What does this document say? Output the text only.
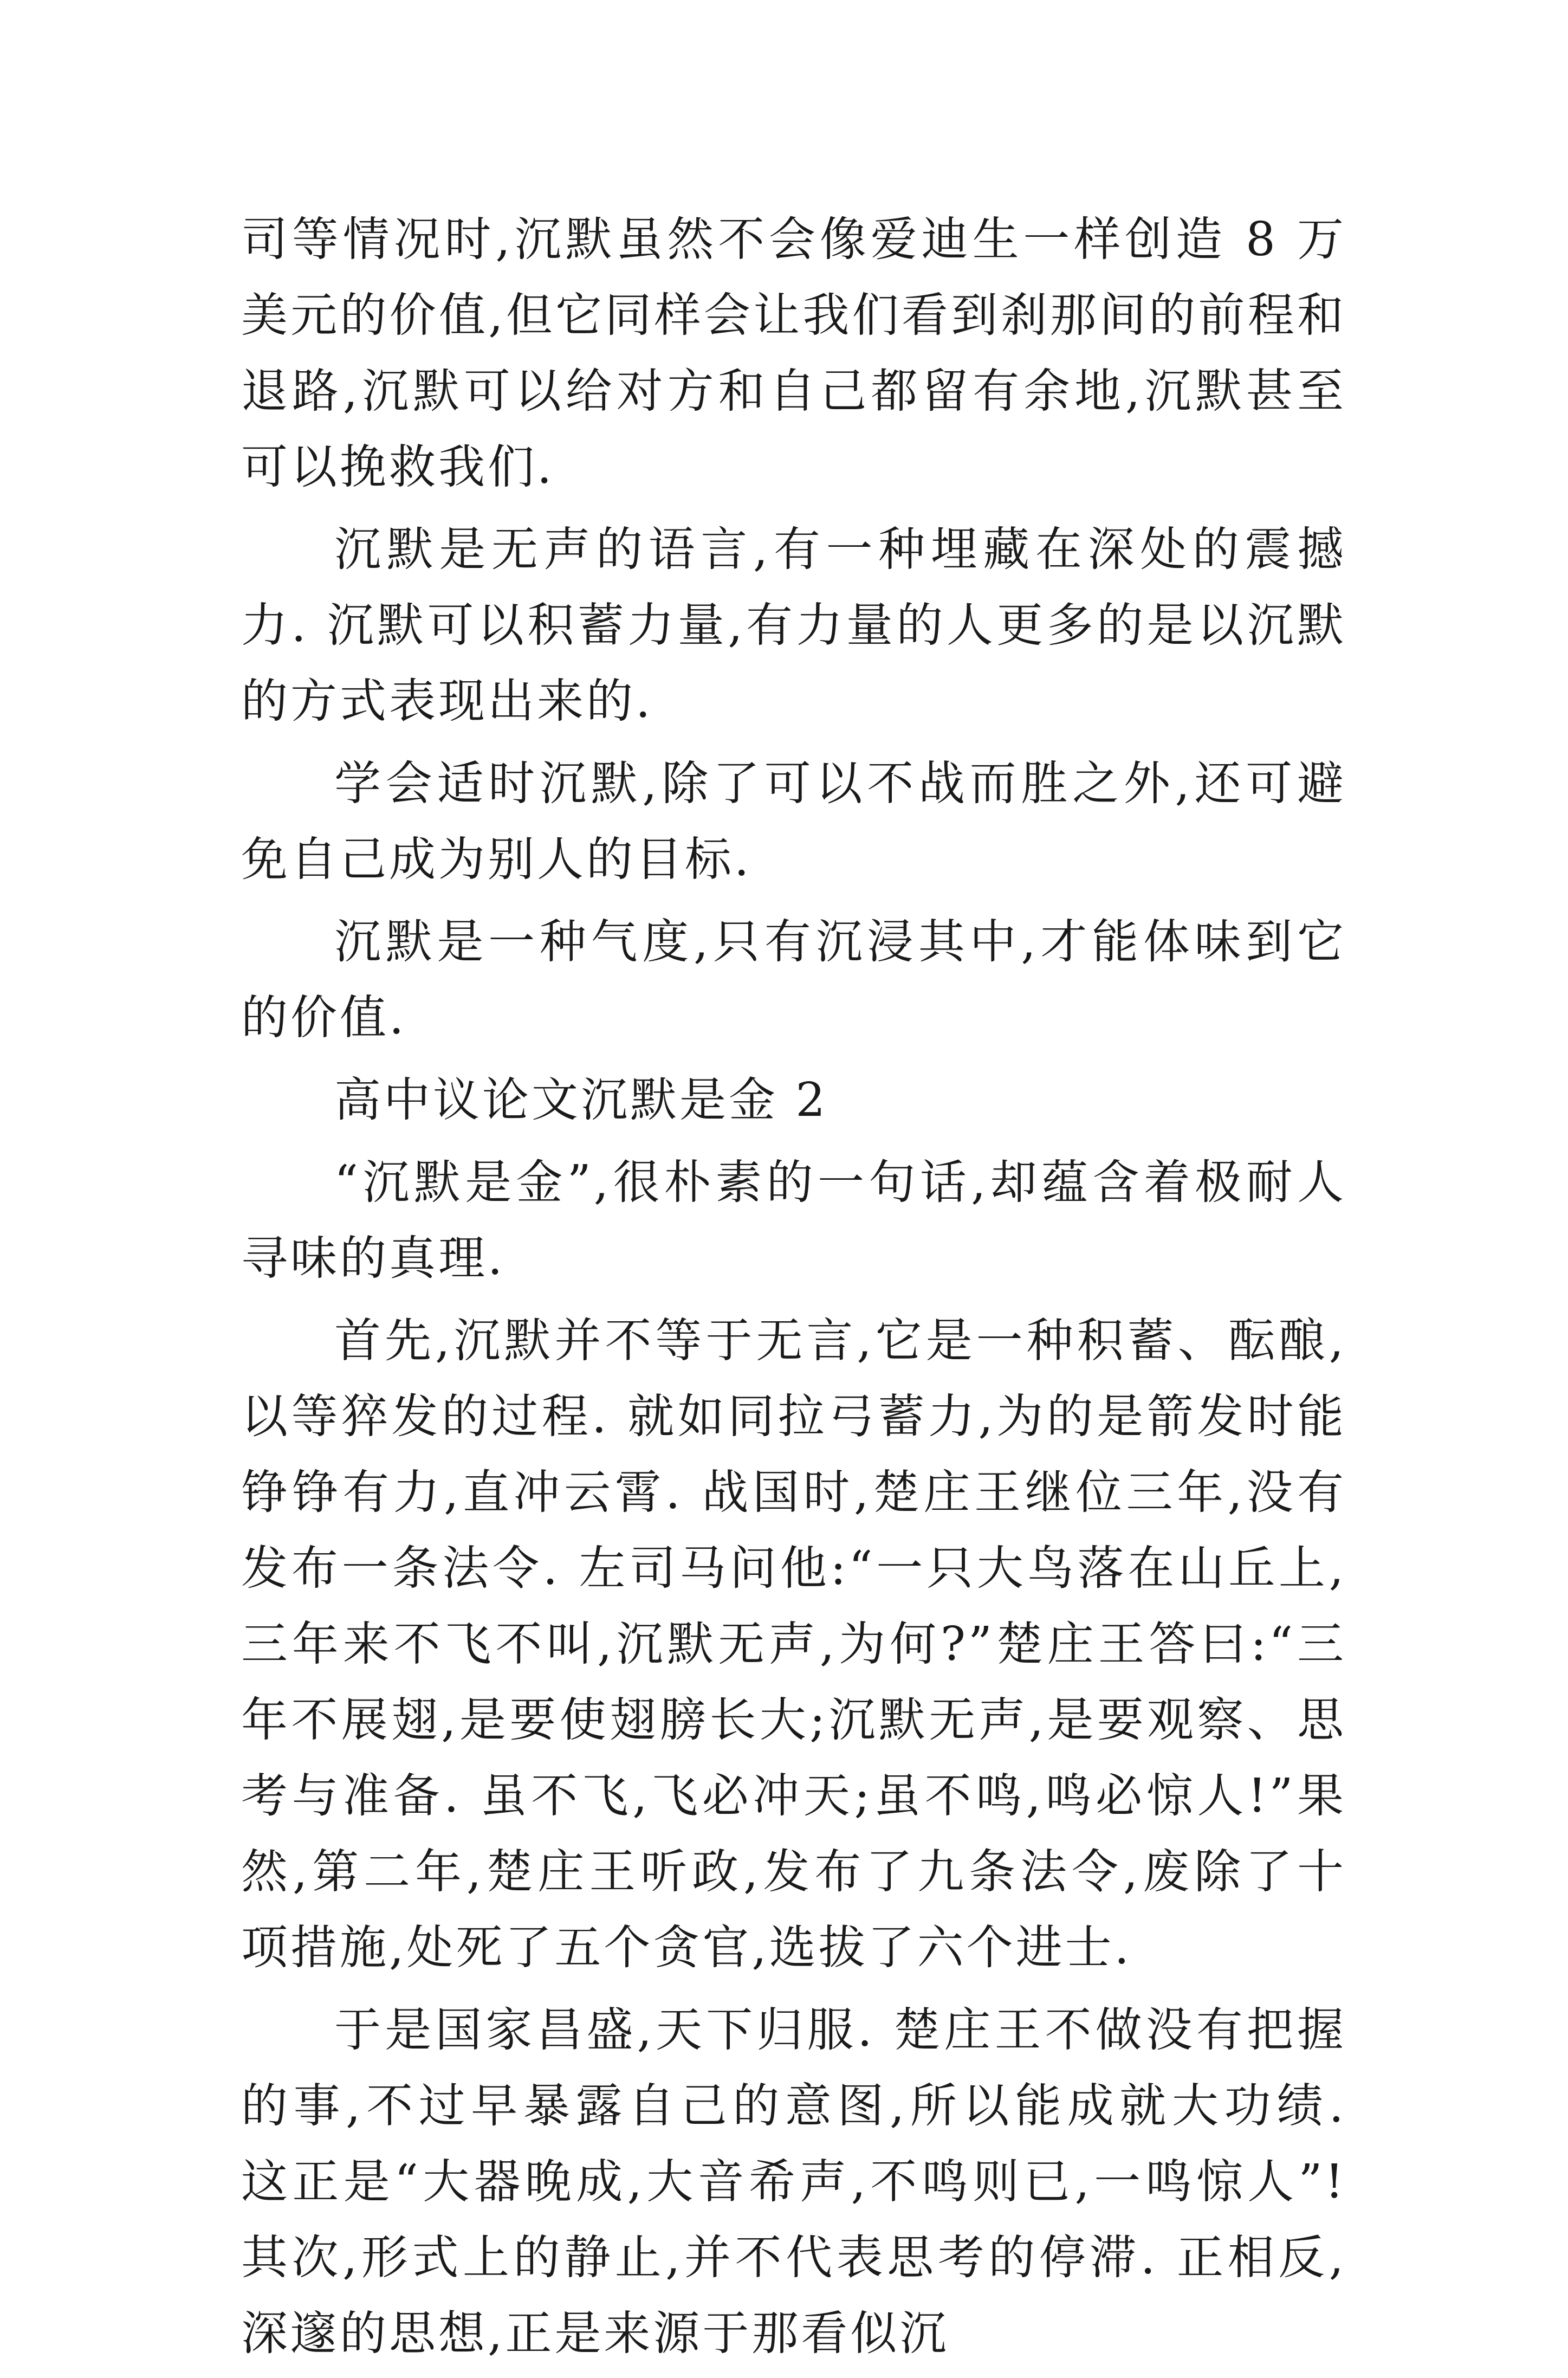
司等情况时,沉默虽然不会像爱迪生一样创造 8 万美元的价值,但它同样会让我们看到刹那间的前程和退路,沉默可以给对方和自己都留有余地,沉默甚至可以挽救我们.

沉默是无声的语言,有一种埋藏在深处的震撼力. 沉默可以积蓄力量,有力量的人更多的是以沉默的方式表现出来的.

学会适时沉默,除了可以不战而胜之外,还可避免自己成为别人的目标.

沉默是一种气度,只有沉浸其中,才能体味到它的价值.

高中议论文沉默是金 2

“沉默是金”,很朴素的一句话,却蕴含着极耐人寻味的真理.

首先,沉默并不等于无言,它是一种积蓄、酝酿,以等猝发的过程. 就如同拉弓蓄力,为的是箭发时能铮铮有力,直冲云霄. 战国时,楚庄王继位三年,没有发布一条法令. 左司马问他:“一只大鸟落在山丘上,三年来不飞不叫,沉默无声,为何?”楚庄王答曰:“三年不展翅,是要使翅膀长大;沉默无声,是要观察、思考与准备. 虽不飞,飞必冲天;虽不鸣,鸣必惊人!”果然,第二年,楚庄王听政,发布了九条法令,废除了十项措施,处死了五个贪官,选拔了六个进士.

于是国家昌盛,天下归服. 楚庄王不做没有把握的事,不过早暴露自己的意图,所以能成就大功绩. 这正是“大器晚成,大音希声,不鸣则已,一鸣惊人”! 其次,形式上的静止,并不代表思考的停滞. 正相反,深邃的思想,正是来源于那看似沉
